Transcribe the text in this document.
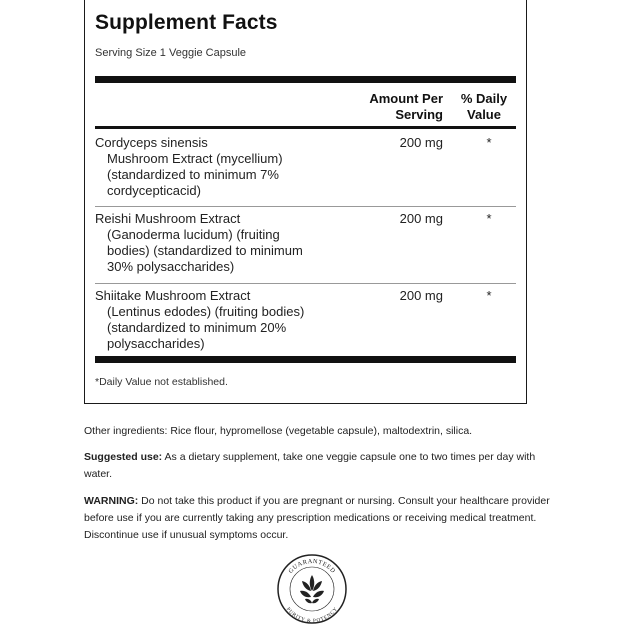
Supplement Facts
Serving Size 1 Veggie Capsule
Amount Per
Serving
% Daily
Value
Cordyceps sinensis
Mushroom Extract (mycellium)
(standardized to minimum 7%
cordycepticacid)
200 mg	*
Reishi Mushroom Extract
(Ganoderma lucidum) (fruiting
bodies) (standardized to minimum
30% polysaccharides)
200 mg	*
Shiitake Mushroom Extract
(Lentinus edodes) (fruiting bodies)
(standardized to minimum 20%
polysaccharides)
200 mg	*
*Daily Value not established.
Other ingredients: Rice flour, hypromellose (vegetable capsule), maltodextrin, silica.
Suggested use: As a dietary supplement, take one veggie capsule one to two times per day with water.
WARNING: Do not take this product if you are pregnant or nursing. Consult your healthcare provider before use if you are currently taking any prescription medications or receiving medical treatment. Discontinue use if unusual symptoms occur.
GUARANTEED
PURITY & POTENCY
